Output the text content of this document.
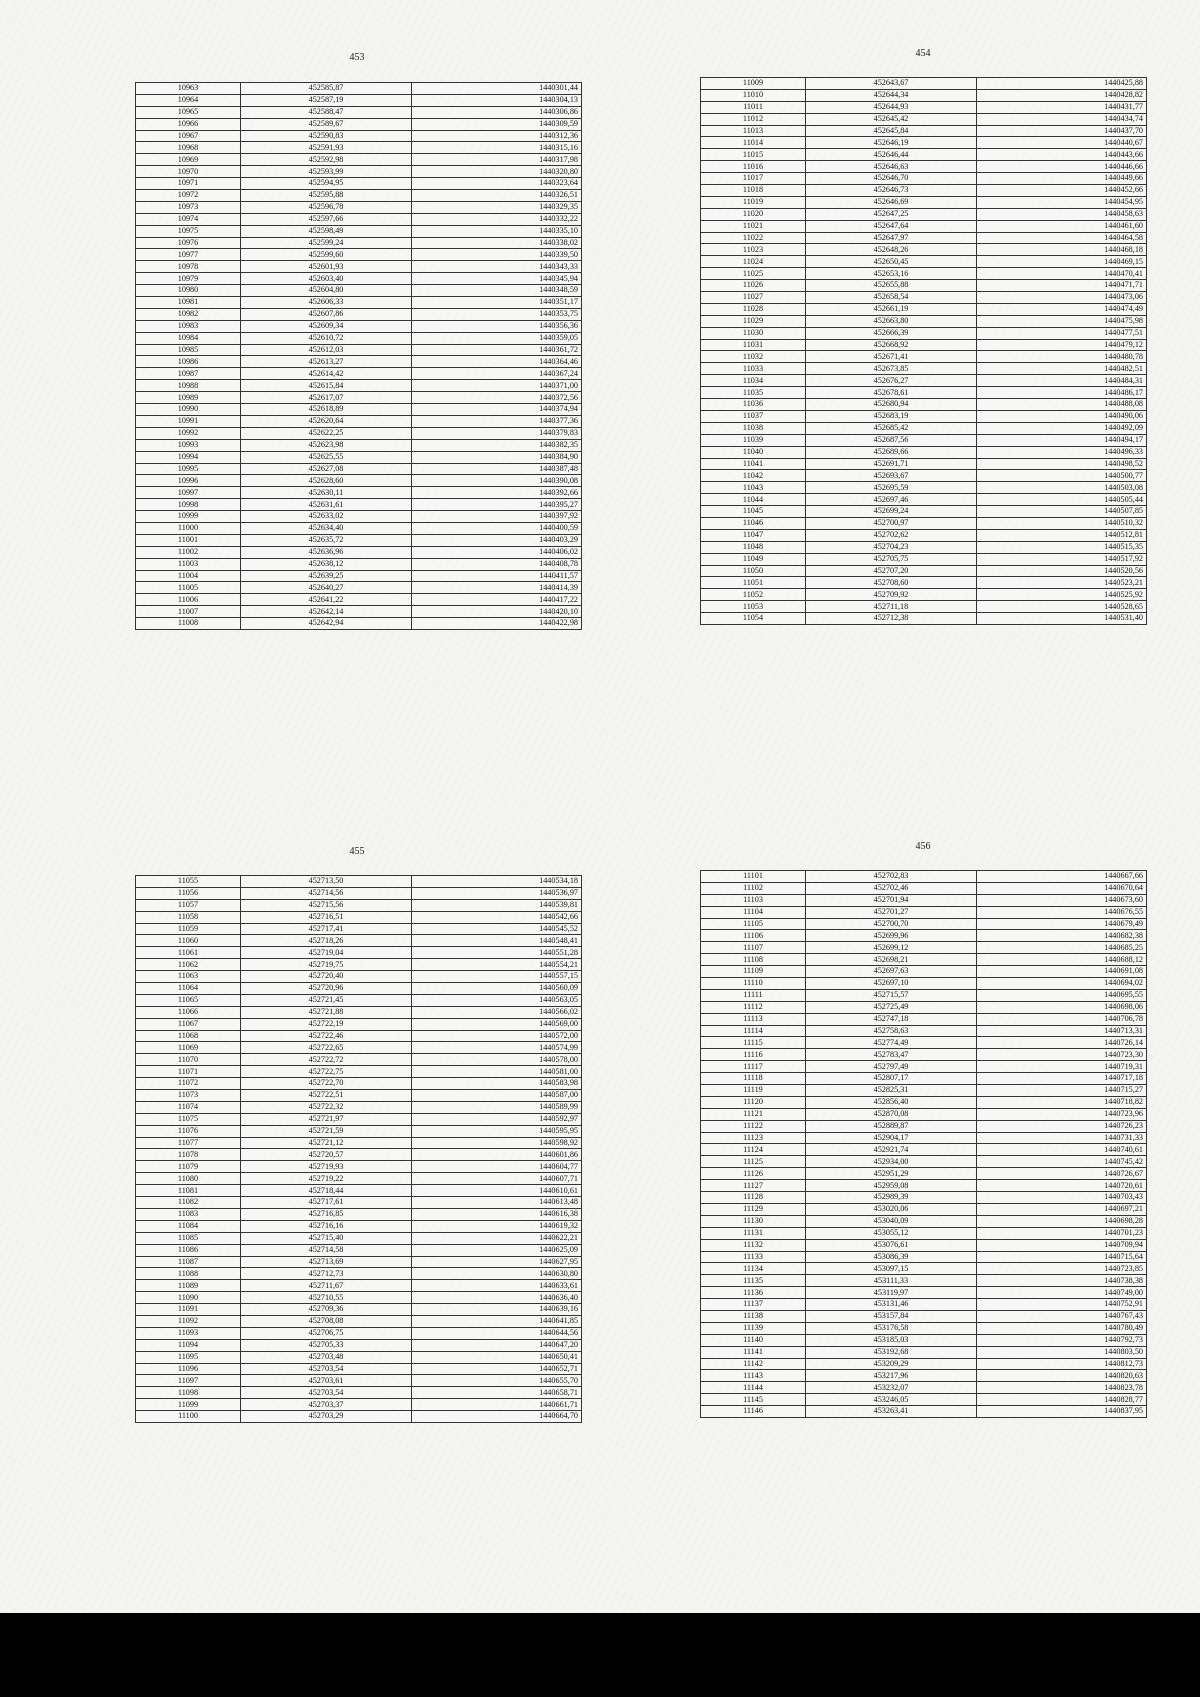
453
10963	452585,87	1440301,44
10964	452587,19	1440304,13
10965	452588,47	1440306,86
10966	452589,67	1440309,59
10967	452590,83	1440312,36
10968	452591,93	1440315,16
10969	452592,98	1440317,98
10970	452593,99	1440320,80
10971	452594,95	1440323,64
10972	452595,88	1440326,51
10973	452596,78	1440329,35
10974	452597,66	1440332,22
10975	452598,49	1440335,10
10976	452599,24	1440338,02
10977	452599,60	1440339,50
10978	452601,93	1440343,33
10979	452603,40	1440345,94
10980	452604,80	1440348,59
10981	452606,33	1440351,17
10982	452607,86	1440353,75
10983	452609,34	1440356,36
10984	452610,72	1440359,05
10985	452612,03	1440361,72
10986	452613,27	1440364,46
10987	452614,42	1440367,24
10988	452615,84	1440371,00
10989	452617,07	1440372,56
10990	452618,89	1440374,94
10991	452620,64	1440377,36
10992	452622,25	1440379,83
10993	452623,98	1440382,35
10994	452625,55	1440384,90
10995	452627,08	1440387,48
10996	452628,60	1440390,08
10997	452630,11	1440392,66
10998	452631,61	1440395,27
10999	452633,02	1440397,92
11000	452634,40	1440400,59
11001	452635,72	1440403,29
11002	452636,96	1440406,02
11003	452638,12	1440408,78
11004	452639,25	1440411,57
11005	452640,27	1440414,39
11006	452641,22	1440417,22
11007	452642,14	1440420,10
11008	452642,94	1440422,98
454
11009	452643,67	1440425,88
11010	452644,34	1440428,82
11011	452644,93	1440431,77
11012	452645,42	1440434,74
11013	452645,84	1440437,70
11014	452646,19	1440440,67
11015	452646,44	1440443,66
11016	452646,63	1440446,66
11017	452646,70	1440449,66
11018	452646,73	1440452,66
11019	452646,69	1440454,95
11020	452647,25	1440458,63
11021	452647,64	1440461,60
11022	452647,97	1440464,58
11023	452648,26	1440468,18
11024	452650,45	1440469,15
11025	452653,16	1440470,41
11026	452655,88	1440471,71
11027	452658,54	1440473,06
11028	452661,19	1440474,49
11029	452663,80	1440475,98
11030	452666,39	1440477,51
11031	452668,92	1440479,12
11032	452671,41	1440480,78
11033	452673,85	1440482,51
11034	452676,27	1440484,31
11035	452678,61	1440486,17
11036	452680,94	1440488,08
11037	452683,19	1440490,06
11038	452685,42	1440492,09
11039	452687,56	1440494,17
11040	452689,66	1440496,33
11041	452691,71	1440498,52
11042	452693,67	1440500,77
11043	452695,59	1440503,08
11044	452697,46	1440505,44
11045	452699,24	1440507,85
11046	452700,97	1440510,32
11047	452702,62	1440512,81
11048	452704,23	1440515,35
11049	452705,75	1440517,92
11050	452707,20	1440520,56
11051	452708,60	1440523,21
11052	452709,92	1440525,92
11053	452711,18	1440528,65
11054	452712,38	1440531,40
455
11055	452713,50	1440534,18
11056	452714,56	1440536,97
11057	452715,56	1440539,81
11058	452716,51	1440542,66
11059	452717,41	1440545,52
11060	452718,26	1440548,41
11061	452719,04	1440551,28
11062	452719,75	1440554,21
11063	452720,40	1440557,15
11064	452720,96	1440560,09
11065	452721,45	1440563,05
11066	452721,88	1440566,02
11067	452722,19	1440569,00
11068	452722,46	1440572,00
11069	452722,65	1440574,99
11070	452722,72	1440578,00
11071	452722,75	1440581,00
11072	452722,70	1440583,98
11073	452722,51	1440587,00
11074	452722,32	1440589,99
11075	452721,97	1440592,97
11076	452721,59	1440595,95
11077	452721,12	1440598,92
11078	452720,57	1440601,86
11079	452719,93	1440604,77
11080	452719,22	1440607,71
11081	452718,44	1440610,61
11082	452717,61	1440613,48
11083	452716,85	1440616,38
11084	452716,16	1440619,32
11085	452715,40	1440622,21
11086	452714,58	1440625,09
11087	452713,69	1440627,95
11088	452712,73	1440630,80
11089	452711,67	1440633,61
11090	452710,55	1440636,40
11091	452709,36	1440639,16
11092	452708,08	1440641,85
11093	452706,75	1440644,56
11094	452705,33	1440647,20
11095	452703,48	1440650,41
11096	452703,54	1440652,71
11097	452703,61	1440655,70
11098	452703,54	1440658,71
11099	452703,37	1440661,71
11100	452703,29	1440664,70
456
11101	452702,83	1440667,66
11102	452702,46	1440670,64
11103	452701,94	1440673,60
11104	452701,27	1440676,55
11105	452700,70	1440679,49
11106	452699,96	1440682,38
11107	452699,12	1440685,25
11108	452698,21	1440688,12
11109	452697,63	1440691,08
11110	452697,10	1440694,02
11111	452715,57	1440695,55
11112	452725,49	1440698,06
11113	452747,18	1440706,78
11114	452758,63	1440713,31
11115	452774,49	1440726,14
11116	452783,47	1440723,30
11117	452797,49	1440719,31
11118	452807,17	1440717,18
11119	452825,31	1440715,27
11120	452856,40	1440718,82
11121	452870,08	1440723,96
11122	452889,87	1440726,23
11123	452904,17	1440731,33
11124	452921,74	1440740,61
11125	452934,00	1440745,42
11126	452951,29	1440726,67
11127	452959,08	1440720,61
11128	452989,39	1440703,43
11129	453020,06	1440697,21
11130	453040,09	1440698,28
11131	453055,12	1440701,23
11132	453076,61	1440709,94
11133	453086,39	1440715,64
11134	453097,15	1440723,85
11135	453111,33	1440738,38
11136	453119,97	1440749,00
11137	453131,46	1440752,91
11138	453157,84	1440767,43
11139	453176,58	1440780,49
11140	453185,03	1440792,73
11141	453192,68	1440803,50
11142	453209,29	1440812,73
11143	453217,96	1440820,63
11144	453232,07	1440823,78
11145	453246,05	1440828,77
11146	453263,41	1440837,95
